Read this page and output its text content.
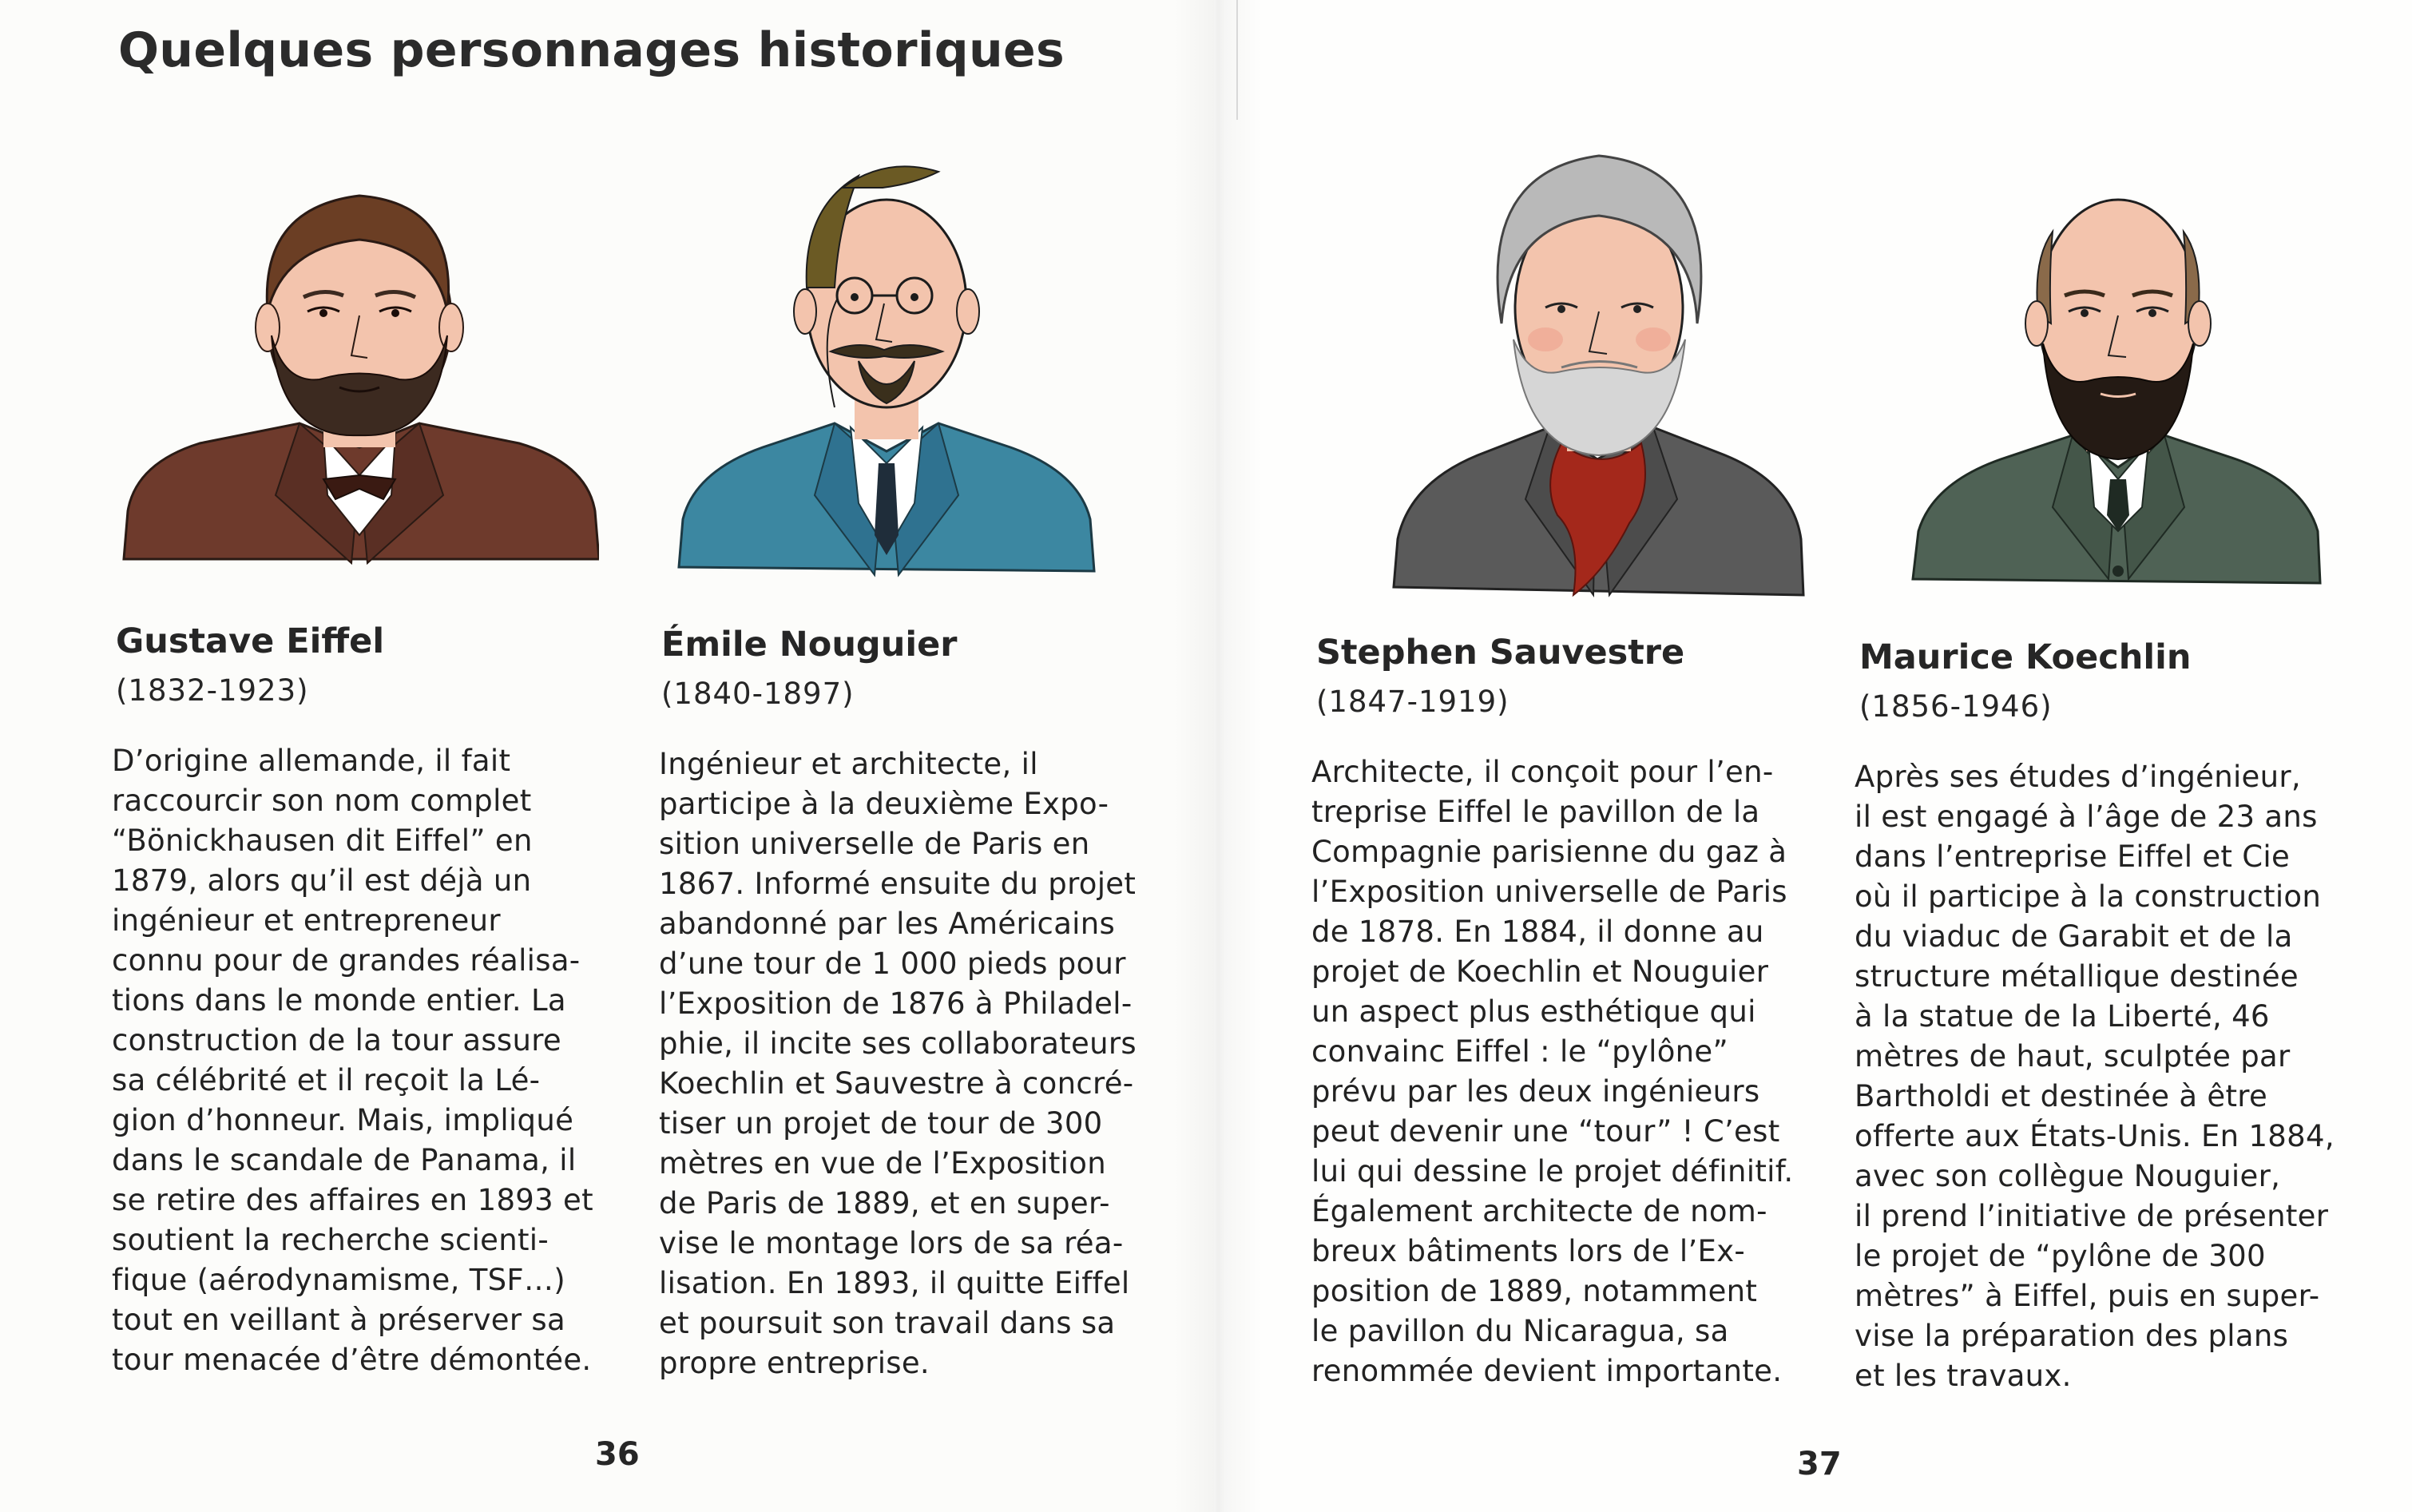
Quelques personnages historiques
Gustave Eiffel

(1832-1923)

D’origine allemande, il fait
raccourcir son nom complet
“Bönickhausen dit Eiffel” en
1879, alors qu’il est déjà un
ingénieur et entrepreneur
connu pour de grandes réalisa-
tions dans le monde entier. La
construction de la tour assure
sa célébrité et il reçoit la Lé-
gion d’honneur. Mais, impliqué
dans le scandale de Panama, il
se retire des affaires en 1893 et
soutient la recherche scienti-
fique (aérodynamisme, TSF…)
tout en veillant à préserver sa
tour menacée d’être démontée.
Émile Nouguier

(1840-1897)

Ingénieur et architecte, il
participe à la deuxième Expo-
sition universelle de Paris en
1867. Informé ensuite du projet
abandonné par les Américains
d’une tour de 1 000 pieds pour
l’Exposition de 1876 à Philadel-
phie, il incite ses collaborateurs
Koechlin et Sauvestre à concré-
tiser un projet de tour de 300
mètres en vue de l’Exposition
de Paris de 1889, et en super-
vise le montage lors de sa réa-
lisation. En 1893, il quitte Eiffel
et poursuit son travail dans sa
propre entreprise.
Stephen Sauvestre

(1847-1919)

Architecte, il conçoit pour l’en-
treprise Eiffel le pavillon de la
Compagnie parisienne du gaz à
l’Exposition universelle de Paris
de 1878. En 1884, il donne au
projet de Koechlin et Nouguier
un aspect plus esthétique qui
convainc Eiffel : le “pylône”
prévu par les deux ingénieurs
peut devenir une “tour” ! C’est
lui qui dessine le projet définitif.
Également architecte de nom-
breux bâtiments lors de l’Ex-
position de 1889, notamment
le pavillon du Nicaragua, sa
renommée devient importante.
Maurice Koechlin

(1856-1946)

Après ses études d’ingénieur,
il est engagé à l’âge de 23 ans
dans l’entreprise Eiffel et Cie
où il participe à la construction
du viaduc de Garabit et de la
structure métallique destinée
à la statue de la Liberté, 46
mètres de haut, sculptée par
Bartholdi et destinée à être
offerte aux États-Unis. En 1884,
avec son collègue Nouguier,
il prend l’initiative de présenter
le projet de “pylône de 300
mètres” à Eiffel, puis en super-
vise la préparation des plans
et les travaux.

36	37
